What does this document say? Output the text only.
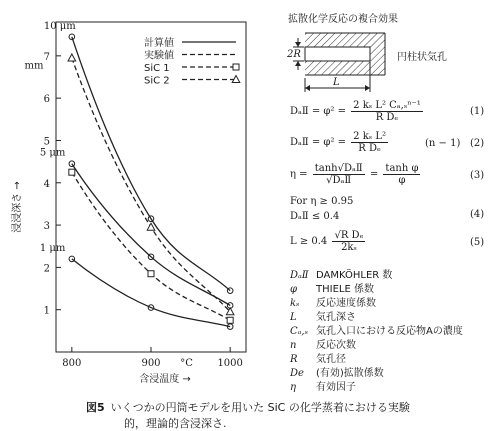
1
2
3
4
5
6
7
800	900	1000
°C
mm
浸浸深さ →
含浸温度 →
10 μm
5 μm
1 μm
計算値
実験値
SiC 1
SiC 2
拡散化学反応の複合効果
2R
L
円柱状気孔
DₐⅡ = $\varphi^2 = \frac{\text{2 kₛ L² Cₐ,ₛⁿ⁻¹}}{\text{R Dₑ}}$	(1)
DₐⅡ = $\varphi^2 = \frac{\text{2 kₛ L²}}{\text{R Dₑ}}$	(n − 1) (2)
$\eta = \frac{\text{tanh√DₐⅡ}}{\text{√DₐⅡ}} = \frac{\text{tanh φ}}{\varphi}$	(3)
For η ≥ 0.95
DₐⅡ ≤ 0.4	(4)
$L \ge 0.4 \frac{\text{√R Dₑ}}{\text{2kₛ}}$	(5)
DₐⅡ DAMKÖHLER 数
φ THIELE 係数
kₛ 反応速度係数
L 気孔深さ
Cₐ,ₛ 気孔入口における反応物Aの濃度
n 反応次数
R 気孔径
De (有効)拡散係数
η 有効因子
図5 いくつかの円筒モデルを用いた SiC の化学蒸着における実験
的，理論的含浸深さ.
